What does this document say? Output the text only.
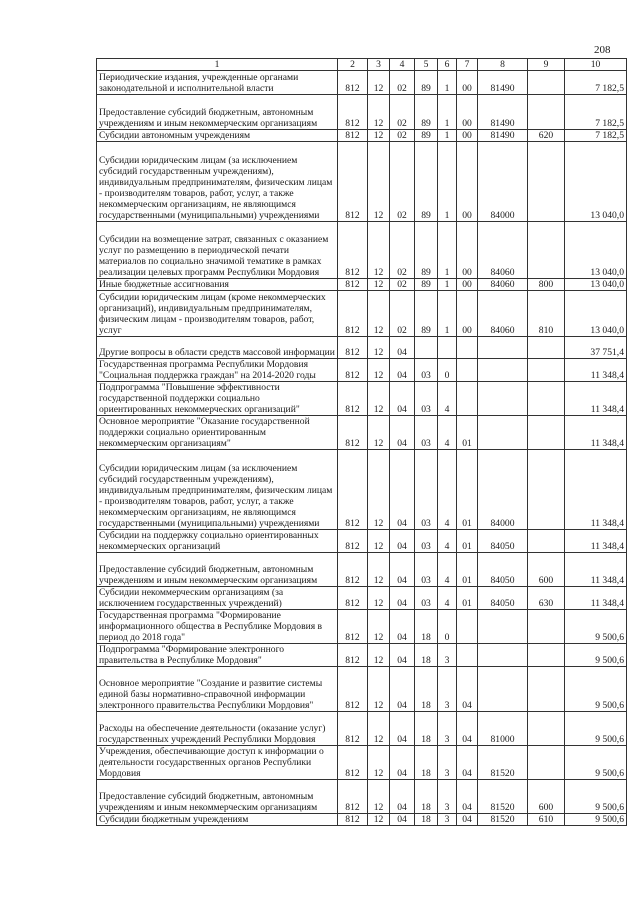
208
1	2	3	4	5	6	7	8	9	10
Периодические издания, учрежденные органами законодательной и исполнительной власти	812	12	02	89	1	00	81490		7 182,5
Предоставление субсидий бюджетным, автономным учреждениям и иным некоммерческим организациям	812	12	02	89	1	00	81490		7 182,5
Субсидии автономным учреждениям	812	12	02	89	1	00	81490	620	7 182,5
Субсидии юридическим лицам (за исключением субсидий государственным учреждениям), индивидуальным предпринимателям, физическим лицам - производителям товаров, работ, услуг, а также некоммерческим организациям, не являющимся государственными (муниципальными) учреждениями	812	12	02	89	1	00	84000		13 040,0
Субсидии на возмещение затрат, связанных с оказанием услуг по размещению в периодической печати материалов по социально значимой тематике в рамках реализации целевых программ Республики Мордовия	812	12	02	89	1	00	84060		13 040,0
Иные бюджетные ассигнования	812	12	02	89	1	00	84060	800	13 040,0
Субсидии юридическим лицам (кроме некоммерческих организаций), индивидуальным предпринимателям, физическим лицам - производителям товаров, работ, услуг	812	12	02	89	1	00	84060	810	13 040,0
Другие вопросы в области средств массовой информации	812	12	04						37 751,4
Государственная программа Республики Мордовия "Социальная поддержка граждан" на 2014-2020 годы	812	12	04	03	0				11 348,4
Подпрограмма "Повышение эффективности государственной поддержки социально ориентированных некоммерческих организаций"	812	12	04	03	4				11 348,4
Основное мероприятие "Оказание государственной поддержки социально ориентированным некоммерческим организациям"	812	12	04	03	4	01			11 348,4
Субсидии юридическим лицам (за исключением субсидий государственным учреждениям), индивидуальным предпринимателям, физическим лицам - производителям товаров, работ, услуг, а также некоммерческим организациям, не являющимся государственными (муниципальными) учреждениями	812	12	04	03	4	01	84000		11 348,4
Субсидии на поддержку социально ориентированных некоммерческих организаций	812	12	04	03	4	01	84050		11 348,4
Предоставление субсидий бюджетным, автономным учреждениям и иным некоммерческим организациям	812	12	04	03	4	01	84050	600	11 348,4
Субсидии некоммерческим организациям (за исключением государственных учреждений)	812	12	04	03	4	01	84050	630	11 348,4
Государственная программа "Формирование информационного общества в Республике Мордовия в период до 2018 года"	812	12	04	18	0				9 500,6
Подпрограмма "Формирование электронного правительства в Республике Мордовия"	812	12	04	18	3				9 500,6
Основное мероприятие "Создание и развитие системы единой базы нормативно-справочной информации электронного правительства Республики Мордовия"	812	12	04	18	3	04			9 500,6
Расходы на обеспечение деятельности (оказание услуг) государственных учреждений Республики Мордовия	812	12	04	18	3	04	81000		9 500,6
Учреждения, обеспечивающие доступ к информации о деятельности государственных органов Республики Мордовия	812	12	04	18	3	04	81520		9 500,6
Предоставление субсидий бюджетным, автономным учреждениям и иным некоммерческим организациям	812	12	04	18	3	04	81520	600	9 500,6
Субсидии бюджетным учреждениям	812	12	04	18	3	04	81520	610	9 500,6
